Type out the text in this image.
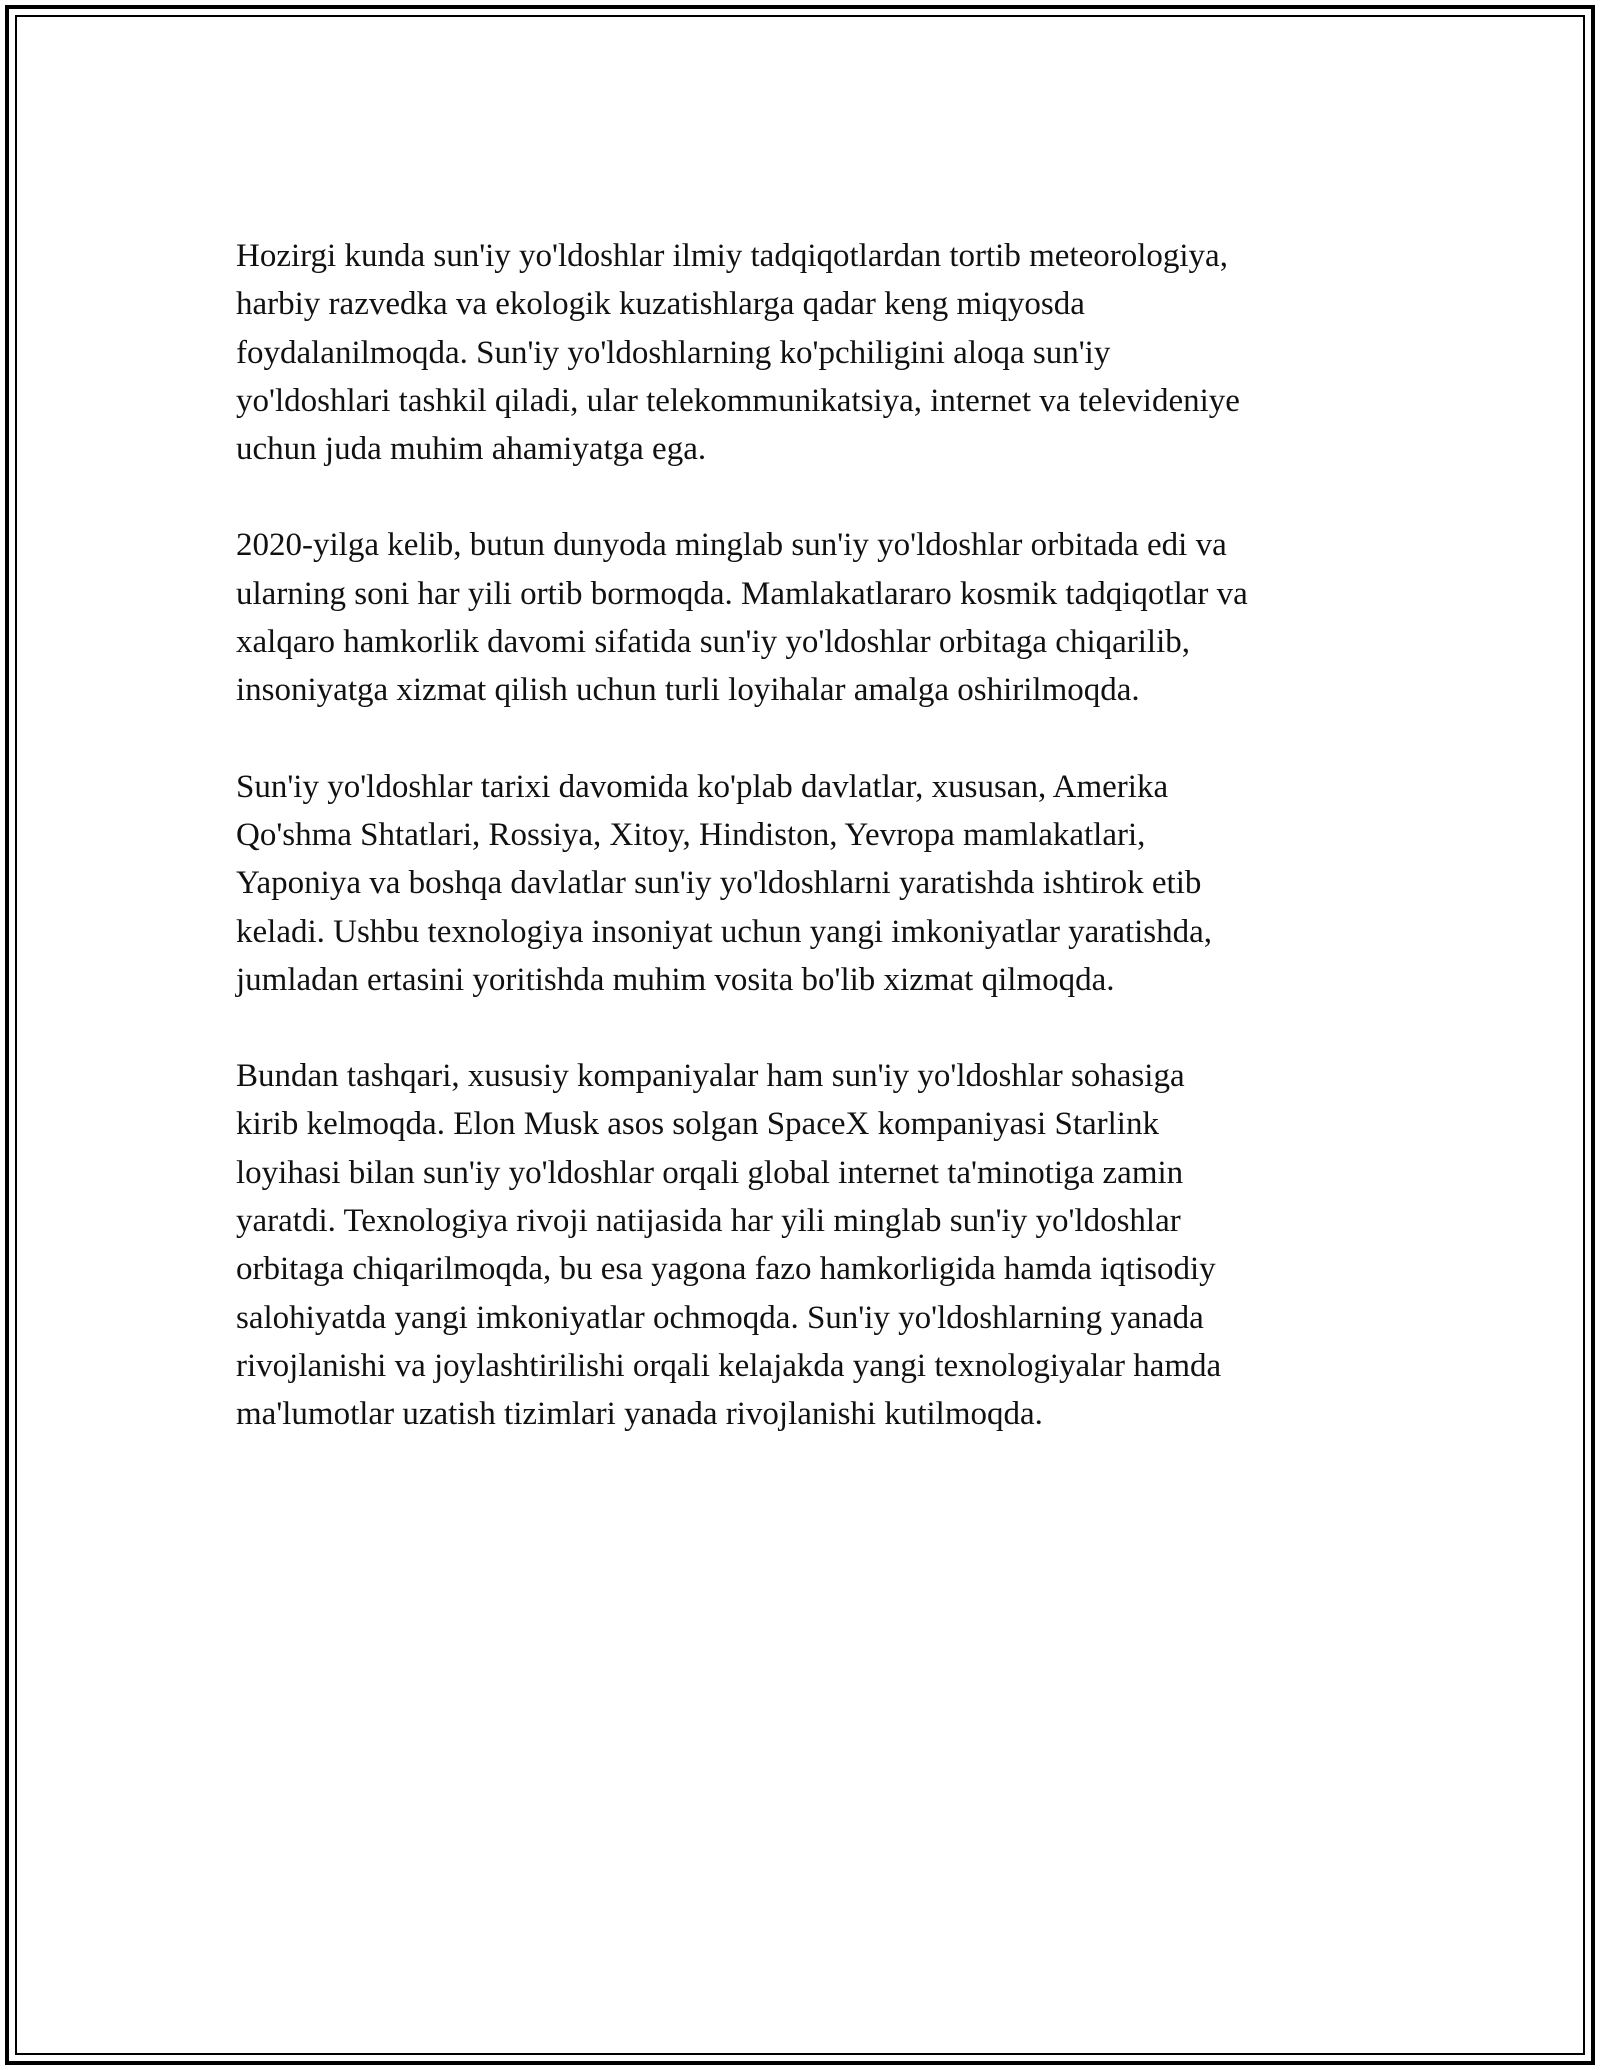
Hozirgi kunda sun'iy yo'ldoshlar ilmiy tadqiqotlardan tortib meteorologiya,
harbiy razvedka va ekologik kuzatishlarga qadar keng miqyosda
foydalanilmoqda. Sun'iy yo'ldoshlarning ko'pchiligini aloqa sun'iy
yo'ldoshlari tashkil qiladi, ular telekommunikatsiya, internet va televideniye
uchun juda muhim ahamiyatga ega.

2020-yilga kelib, butun dunyoda minglab sun'iy yo'ldoshlar orbitada edi va
ularning soni har yili ortib bormoqda. Mamlakatlararo kosmik tadqiqotlar va
xalqaro hamkorlik davomi sifatida sun'iy yo'ldoshlar orbitaga chiqarilib,
insoniyatga xizmat qilish uchun turli loyihalar amalga oshirilmoqda.

Sun'iy yo'ldoshlar tarixi davomida ko'plab davlatlar, xususan, Amerika
Qo'shma Shtatlari, Rossiya, Xitoy, Hindiston, Yevropa mamlakatlari,
Yaponiya va boshqa davlatlar sun'iy yo'ldoshlarni yaratishda ishtirok etib
keladi. Ushbu texnologiya insoniyat uchun yangi imkoniyatlar yaratishda,
jumladan ertasini yoritishda muhim vosita bo'lib xizmat qilmoqda.

Bundan tashqari, xususiy kompaniyalar ham sun'iy yo'ldoshlar sohasiga
kirib kelmoqda. Elon Musk asos solgan SpaceX kompaniyasi Starlink
loyihasi bilan sun'iy yo'ldoshlar orqali global internet ta'minotiga zamin
yaratdi. Texnologiya rivoji natijasida har yili minglab sun'iy yo'ldoshlar
orbitaga chiqarilmoqda, bu esa yagona fazo hamkorligida hamda iqtisodiy
salohiyatda yangi imkoniyatlar ochmoqda. Sun'iy yo'ldoshlarning yanada
rivojlanishi va joylashtirilishi orqali kelajakda yangi texnologiyalar hamda
ma'lumotlar uzatish tizimlari yanada rivojlanishi kutilmoqda.
